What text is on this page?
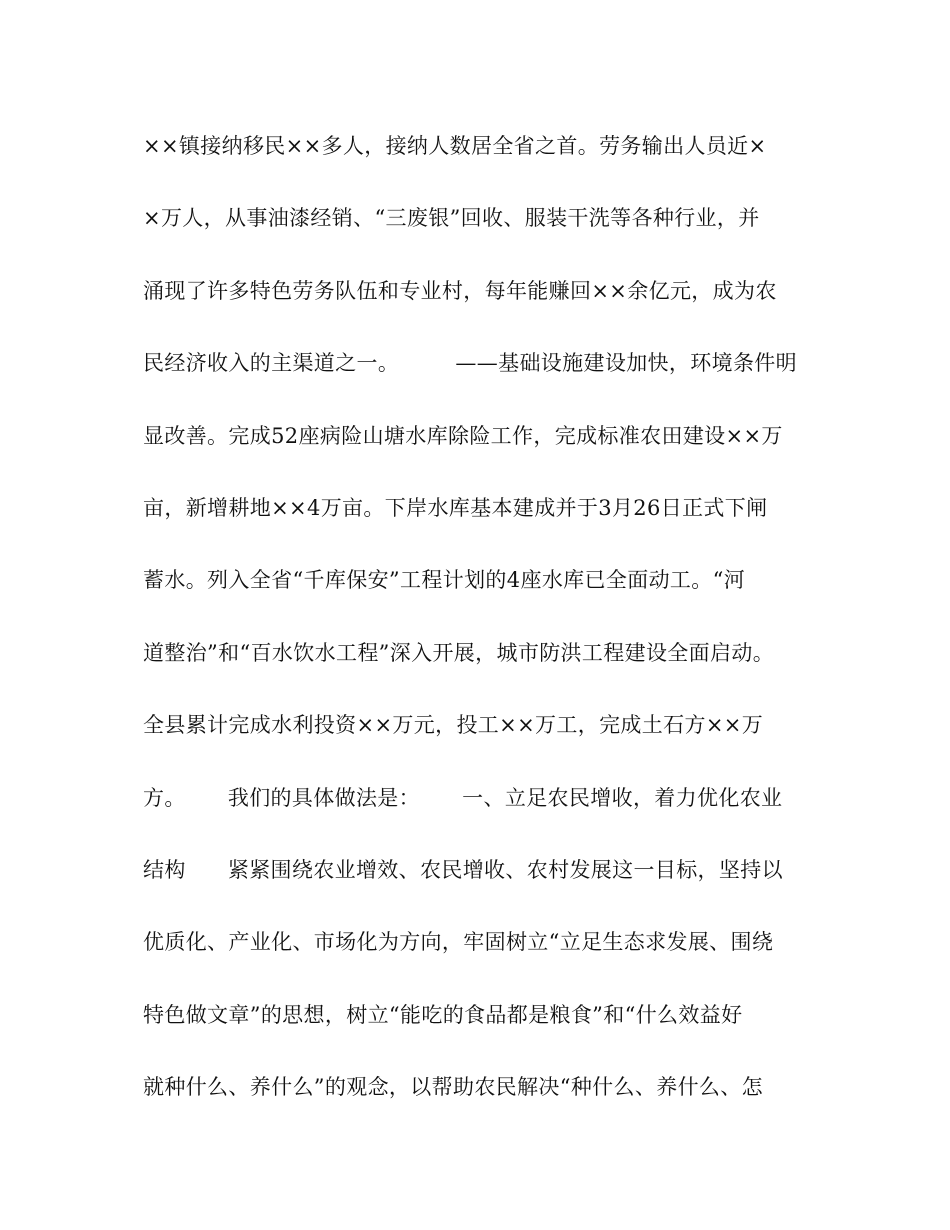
××镇接纳移民××多人，接纳人数居全省之首。劳务输出人员近×
×万人，从事油漆经销、“三废银”回收、服装干洗等各种行业，并
涌现了许多特色劳务队伍和专业村，每年能赚回××余亿元，成为农
民经济收入的主渠道之一。        ——基础设施建设加快，环境条件明
显改善。完成52座病险山塘水库除险工作，完成标准农田建设××万
亩，新增耕地××4万亩。下岸水库基本建成并于3月26日正式下闸
蓄水。列入全省“千库保安”工程计划的4座水库已全面动工。“河
道整治”和“百水饮水工程”深入开展，城市防洪工程建设全面启动。
全县累计完成水利投资××万元，投工××万工，完成土石方××万
方。      我们的具体做法是：      一、立足农民增收，着力优化农业
结构      紧紧围绕农业增效、农民增收、农村发展这一目标，坚持以
优质化、产业化、市场化为方向，牢固树立“立足生态求发展、围绕
特色做文章”的思想，树立“能吃的食品都是粮食”和“什么效益好
就种什么、养什么”的观念，以帮助农民解决“种什么、养什么、怎
